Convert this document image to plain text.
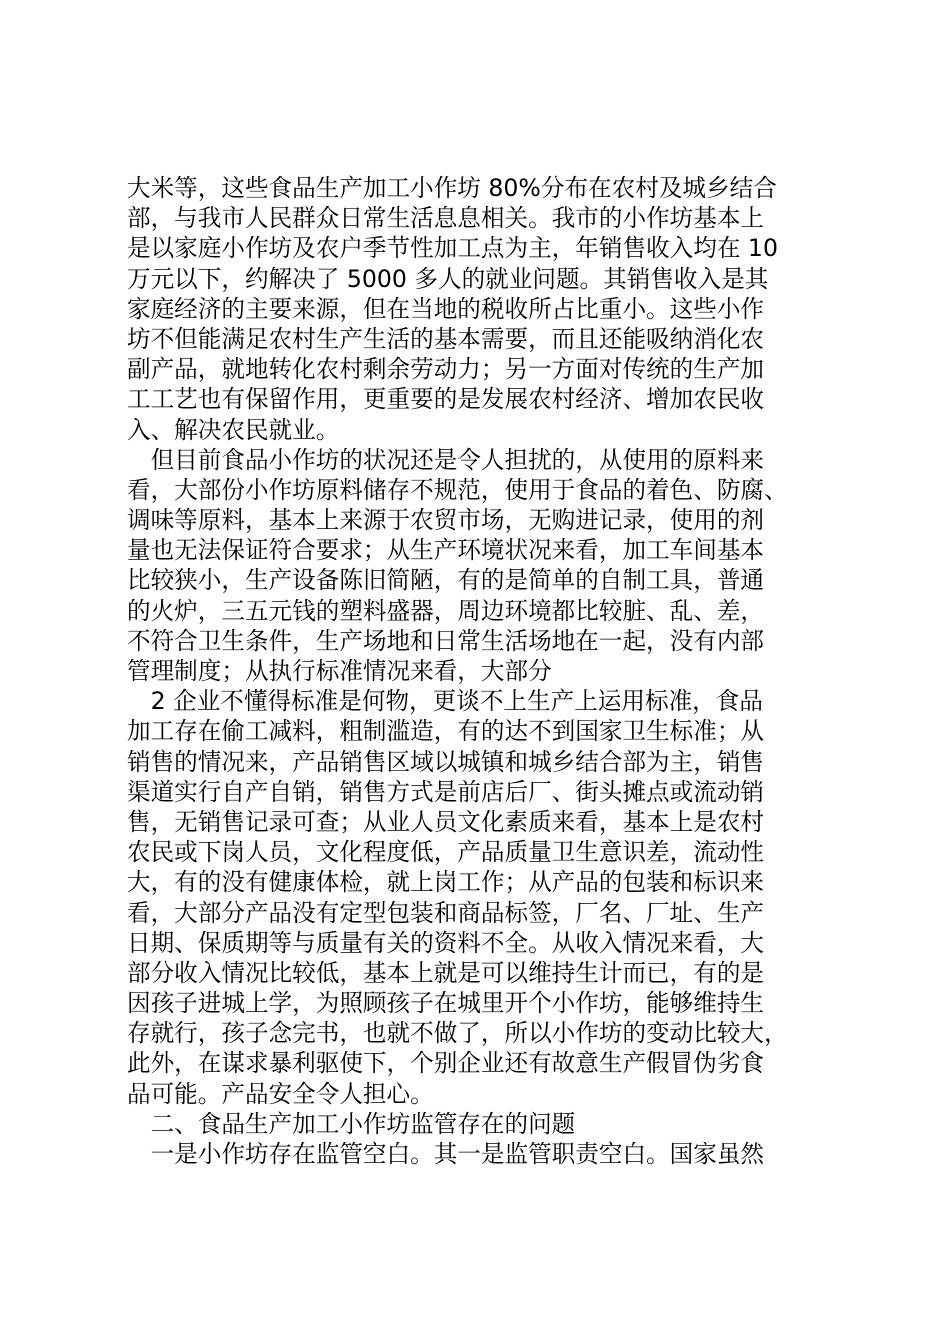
大米等，这些食品生产加工小作坊 80%分布在农村及城乡结合
部，与我市人民群众日常生活息息相关。我市的小作坊基本上
是以家庭小作坊及农户季节性加工点为主，年销售收入均在 10
万元以下，约解决了 5000 多人的就业问题。其销售收入是其
家庭经济的主要来源，但在当地的税收所占比重小。这些小作
坊不但能满足农村生产生活的基本需要，而且还能吸纳消化农
副产品，就地转化农村剩余劳动力；另一方面对传统的生产加
工工艺也有保留作用，更重要的是发展农村经济、增加农民收
入、解决农民就业。
　但目前食品小作坊的状况还是令人担扰的，从使用的原料来
看，大部份小作坊原料储存不规范，使用于食品的着色、防腐、
调味等原料，基本上来源于农贸市场，无购进记录，使用的剂
量也无法保证符合要求；从生产环境状况来看，加工车间基本
比较狭小，生产设备陈旧简陋，有的是简单的自制工具，普通
的火炉，三五元钱的塑料盛器，周边环境都比较脏、乱、差，
不符合卫生条件，生产场地和日常生活场地在一起，没有内部
管理制度；从执行标准情况来看，大部分
　2 企业不懂得标准是何物，更谈不上生产上运用标准，食品
加工存在偷工减料，粗制滥造，有的达不到国家卫生标准；从
销售的情况来，产品销售区域以城镇和城乡结合部为主，销售
渠道实行自产自销，销售方式是前店后厂、街头摊点或流动销
售，无销售记录可查；从业人员文化素质来看，基本上是农村
农民或下岗人员，文化程度低，产品质量卫生意识差，流动性
大，有的没有健康体检，就上岗工作；从产品的包装和标识来
看，大部分产品没有定型包装和商品标签，厂名、厂址、生产
日期、保质期等与质量有关的资料不全。从收入情况来看，大
部分收入情况比较低，基本上就是可以维持生计而已，有的是
因孩子进城上学，为照顾孩子在城里开个小作坊，能够维持生
存就行，孩子念完书，也就不做了，所以小作坊的变动比较大，
此外，在谋求暴利驱使下，个别企业还有故意生产假冒伪劣食
品可能。产品安全令人担心。
　二、食品生产加工小作坊监管存在的问题
　一是小作坊存在监管空白。其一是监管职责空白。国家虽然
